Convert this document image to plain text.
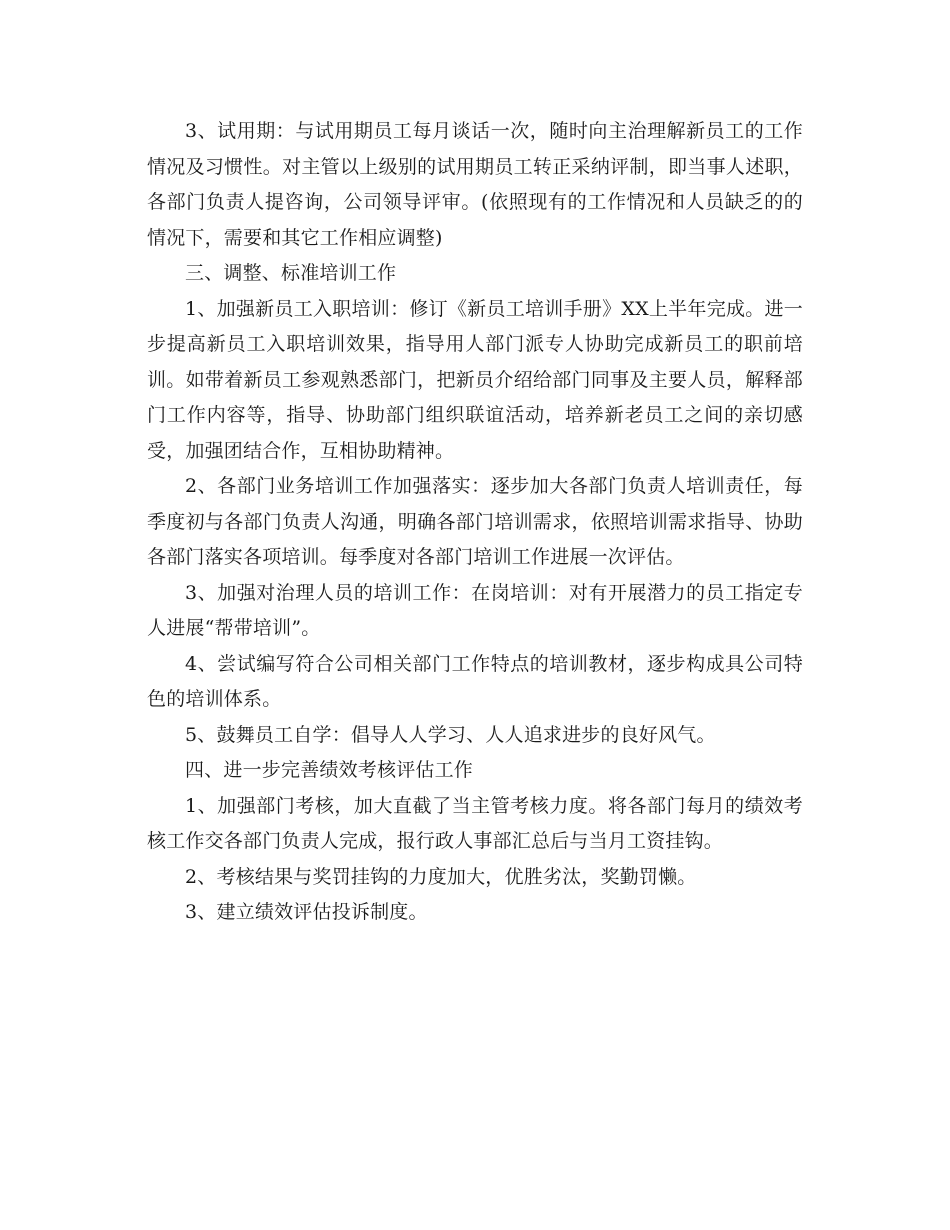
3、试用期：与试用期员工每月谈话一次，随时向主治理解新员工的工作情况及习惯性。对主管以上级别的试用期员工转正采纳评制，即当事人述职，各部门负责人提咨询，公司领导评审。(依照现有的工作情况和人员缺乏的的情况下，需要和其它工作相应调整)

三、调整、标准培训工作

1、加强新员工入职培训：修订《新员工培训手册》XX上半年完成。进一步提高新员工入职培训效果，指导用人部门派专人协助完成新员工的职前培训。如带着新员工参观熟悉部门，把新员介绍给部门同事及主要人员，解释部门工作内容等，指导、协助部门组织联谊活动，培养新老员工之间的亲切感受，加强团结合作，互相协助精神。

2、各部门业务培训工作加强落实：逐步加大各部门负责人培训责任，每季度初与各部门负责人沟通，明确各部门培训需求，依照培训需求指导、协助各部门落实各项培训。每季度对各部门培训工作进展一次评估。

3、加强对治理人员的培训工作：在岗培训：对有开展潜力的员工指定专人进展“帮带培训”。

4、尝试编写符合公司相关部门工作特点的培训教材，逐步构成具公司特色的培训体系。

5、鼓舞员工自学：倡导人人学习、人人追求进步的良好风气。

四、进一步完善绩效考核评估工作

1、加强部门考核，加大直截了当主管考核力度。将各部门每月的绩效考核工作交各部门负责人完成，报行政人事部汇总后与当月工资挂钩。

2、考核结果与奖罚挂钩的力度加大，优胜劣汰，奖勤罚懒。

3、建立绩效评估投诉制度。
